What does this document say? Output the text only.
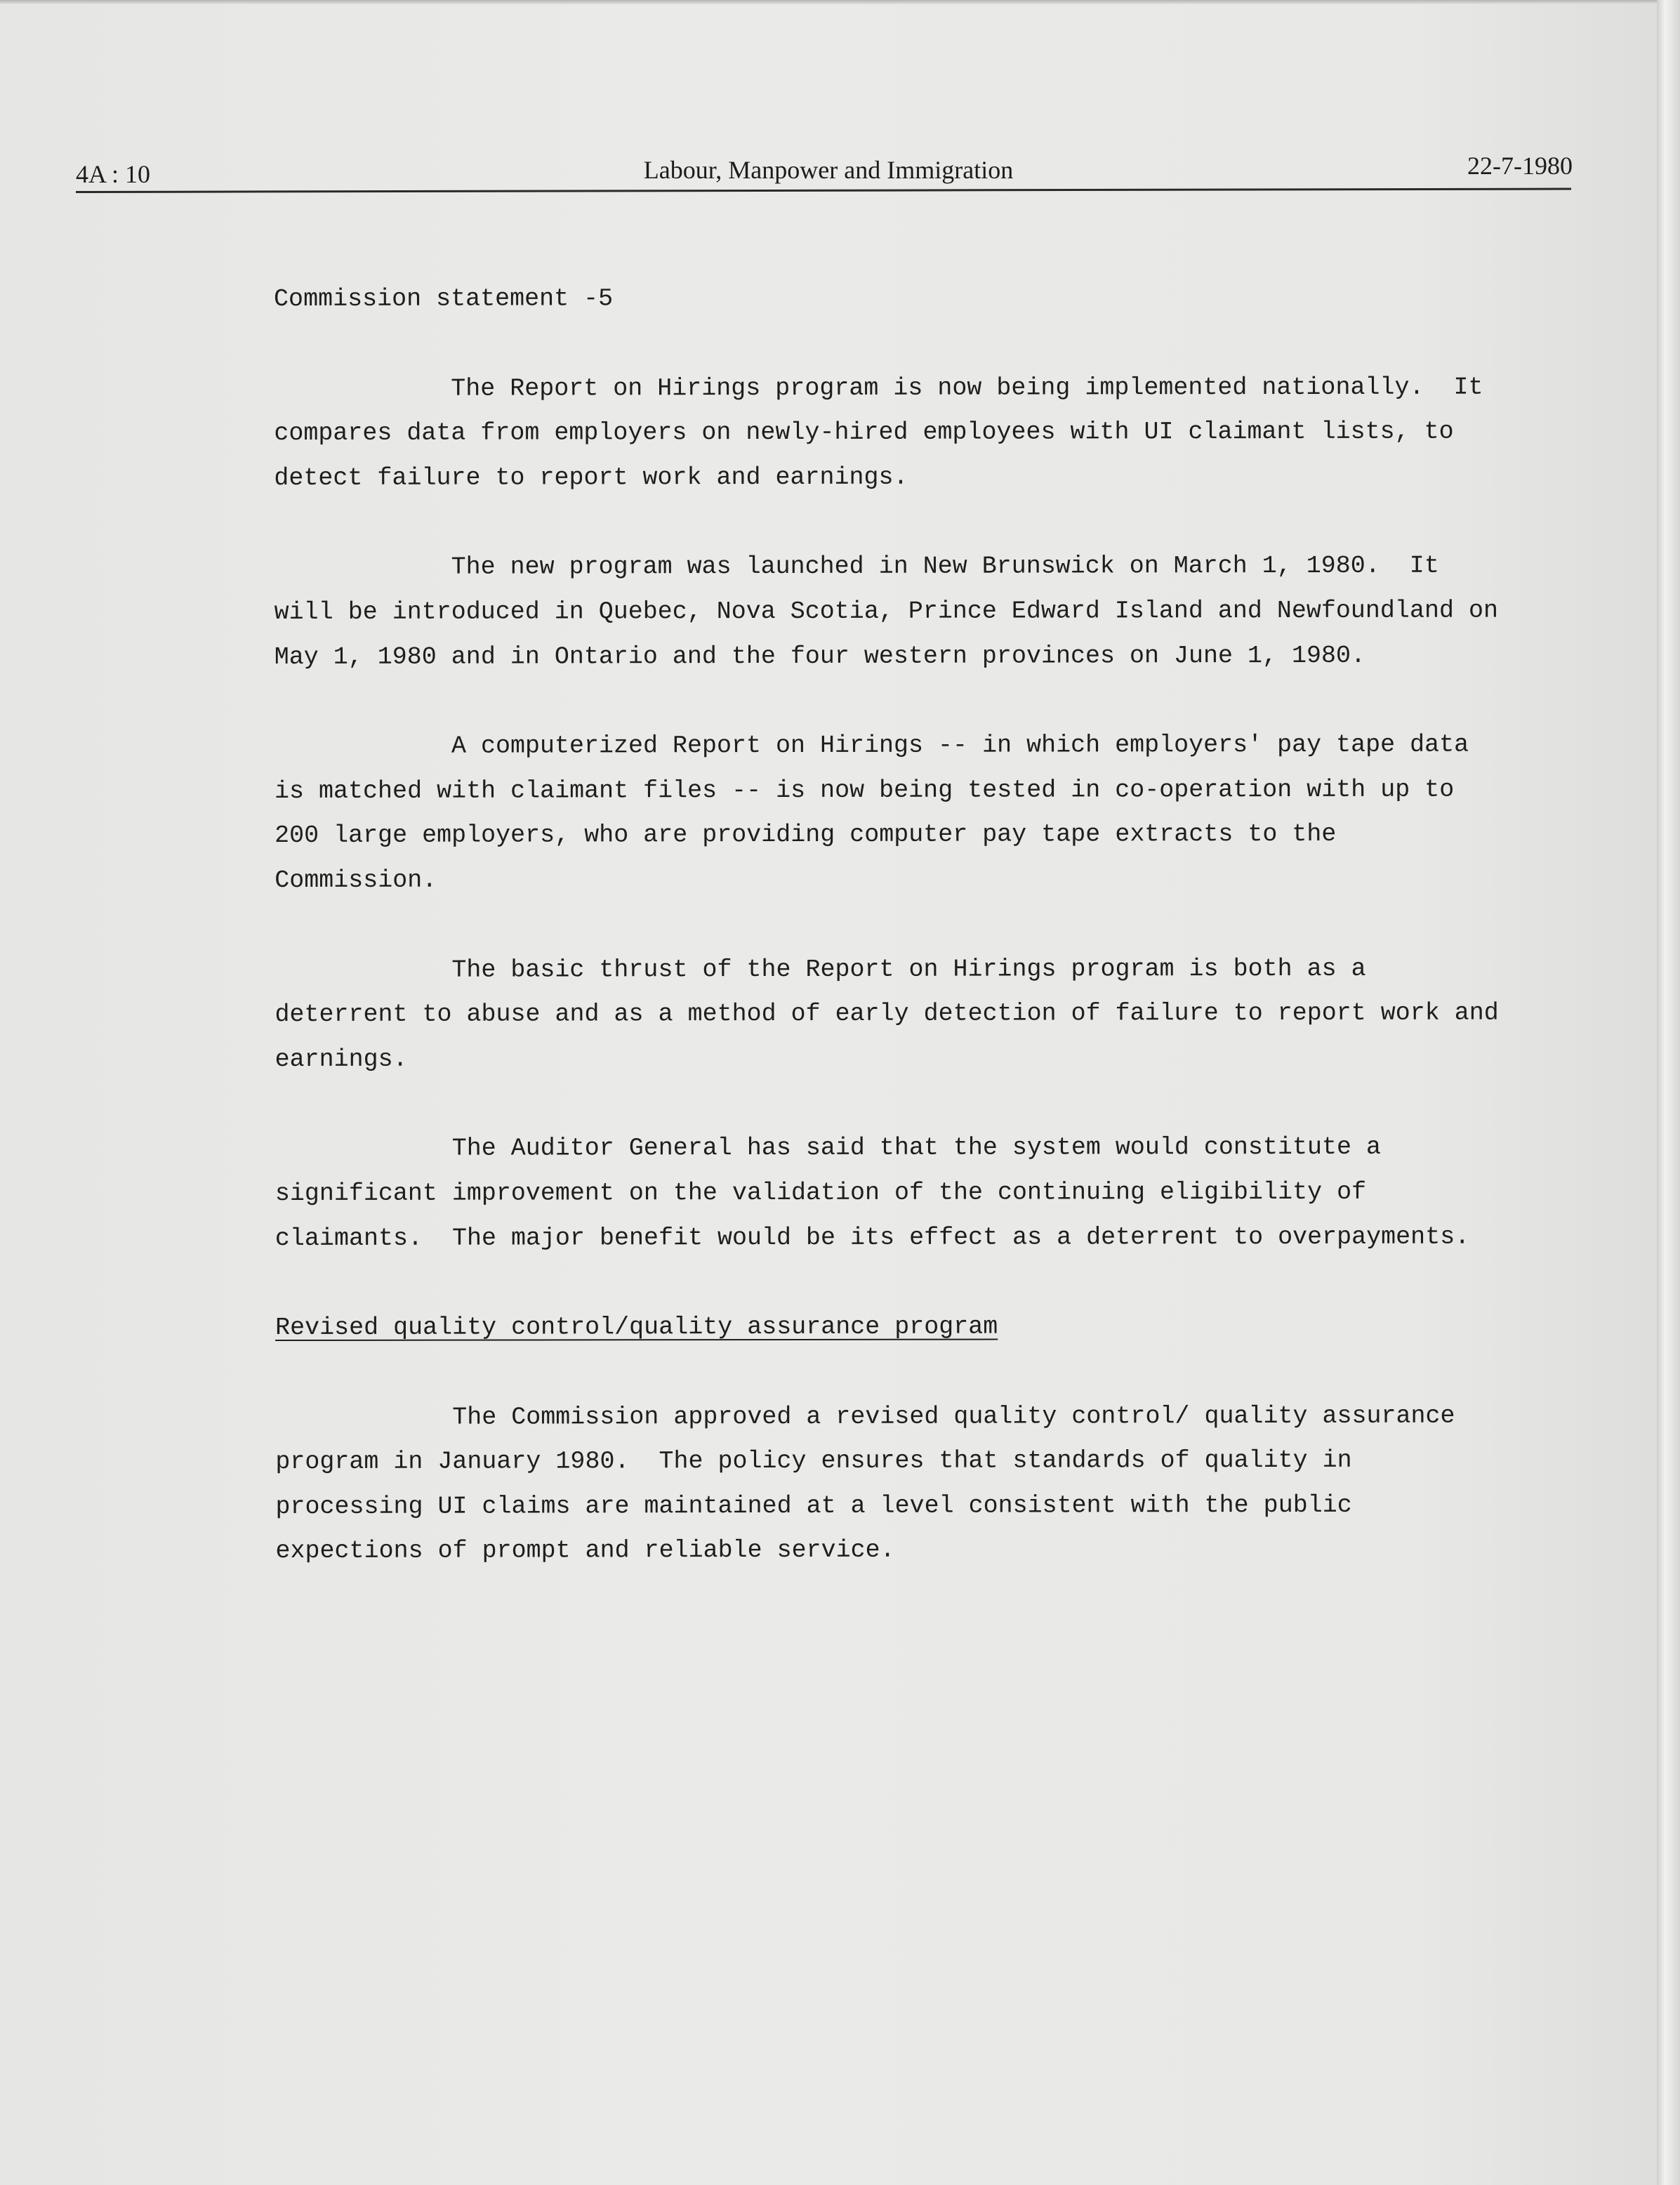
4A : 10	Labour, Manpower and Immigration	22-7-1980

Commission statement -5

The Report on Hirings program is now being implemented nationally.  It compares data from employers on newly-hired employees with UI claimant lists, to detect failure to report work and earnings.

The new program was launched in New Brunswick on March 1, 1980.  It will be introduced in Quebec, Nova Scotia, Prince Edward Island and Newfoundland on May 1, 1980 and in Ontario and the four western provinces on June 1, 1980.

A computerized Report on Hirings -- in which employers' pay tape data is matched with claimant files -- is now being tested in co-operation with up to 200 large employers, who are providing computer pay tape extracts to the Commission.

The basic thrust of the Report on Hirings program is both as a deterrent to abuse and as a method of early detection of failure to report work and earnings.

The Auditor General has said that the system would constitute a significant improvement on the validation of the continuing eligibility of claimants.  The major benefit would be its effect as a deterrent to overpayments.

Revised quality control/quality assurance program

The Commission approved a revised quality control/ quality assurance program in January 1980.  The policy ensures that standards of quality in processing UI claims are maintained at a level consistent with the public expections of prompt and reliable service.
